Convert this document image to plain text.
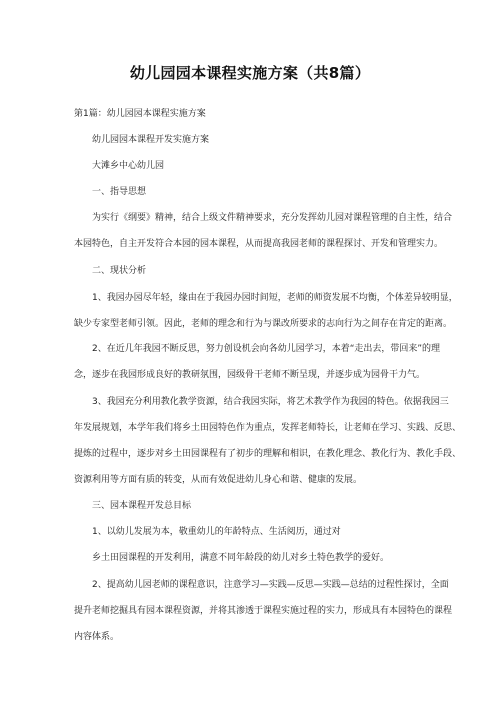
幼儿园园本课程实施方案（共8篇）
第1篇：幼儿园园本课程实施方案
幼儿园园本课程开发实施方案
大滩乡中心幼儿园
一、指导思想
为实行《纲要》精神，结合上级文件精神要求，充分发挥幼儿园对课程管理的自主性，结合
本园特色，自主开发符合本园的园本课程，从而提高我园老师的课程探讨、开发和管理实力。
二、现状分析
1、我园办园尽年轻，缘由在于我园办园时间短，老师的师资发展不均衡，个体差异较明显，
缺少专家型老师引领。因此，老师的理念和行为与课改所要求的志向行为之间存在肯定的距离。
2、在近几年我园不断反思，努力创设机会向各幼儿园学习，本着“走出去，带回来”的理
念，逐步在我园形成良好的教研氛围，园级骨干老师不断呈现，并逐步成为园骨干力气。
3、我园充分利用教化教学资源，结合我园实际，将艺术教学作为我园的特色。依据我园三
年发展规划，本学年我们将乡土田园特色作为重点，发挥老师特长，让老师在学习、实践、反思、
提炼的过程中，逐步对乡土田园课程有了初步的理解和相识，在教化理念、教化行为、教化手段、
资源利用等方面有质的转变，从而有效促进幼儿身心和谐、健康的发展。
三、园本课程开发总目标
1、以幼儿发展为本，敬重幼儿的年龄特点、生活阅历，通过对
乡土田园课程的开发利用，满意不同年龄段的幼儿对乡土特色教学的爱好。
2、提高幼儿园老师的课程意识，注意学习—实践—反思—实践—总结的过程性探讨，全面
提升老师挖掘具有园本课程资源，并将其渗透于课程实施过程的实力，形成具有本园特色的课程
内容体系。
